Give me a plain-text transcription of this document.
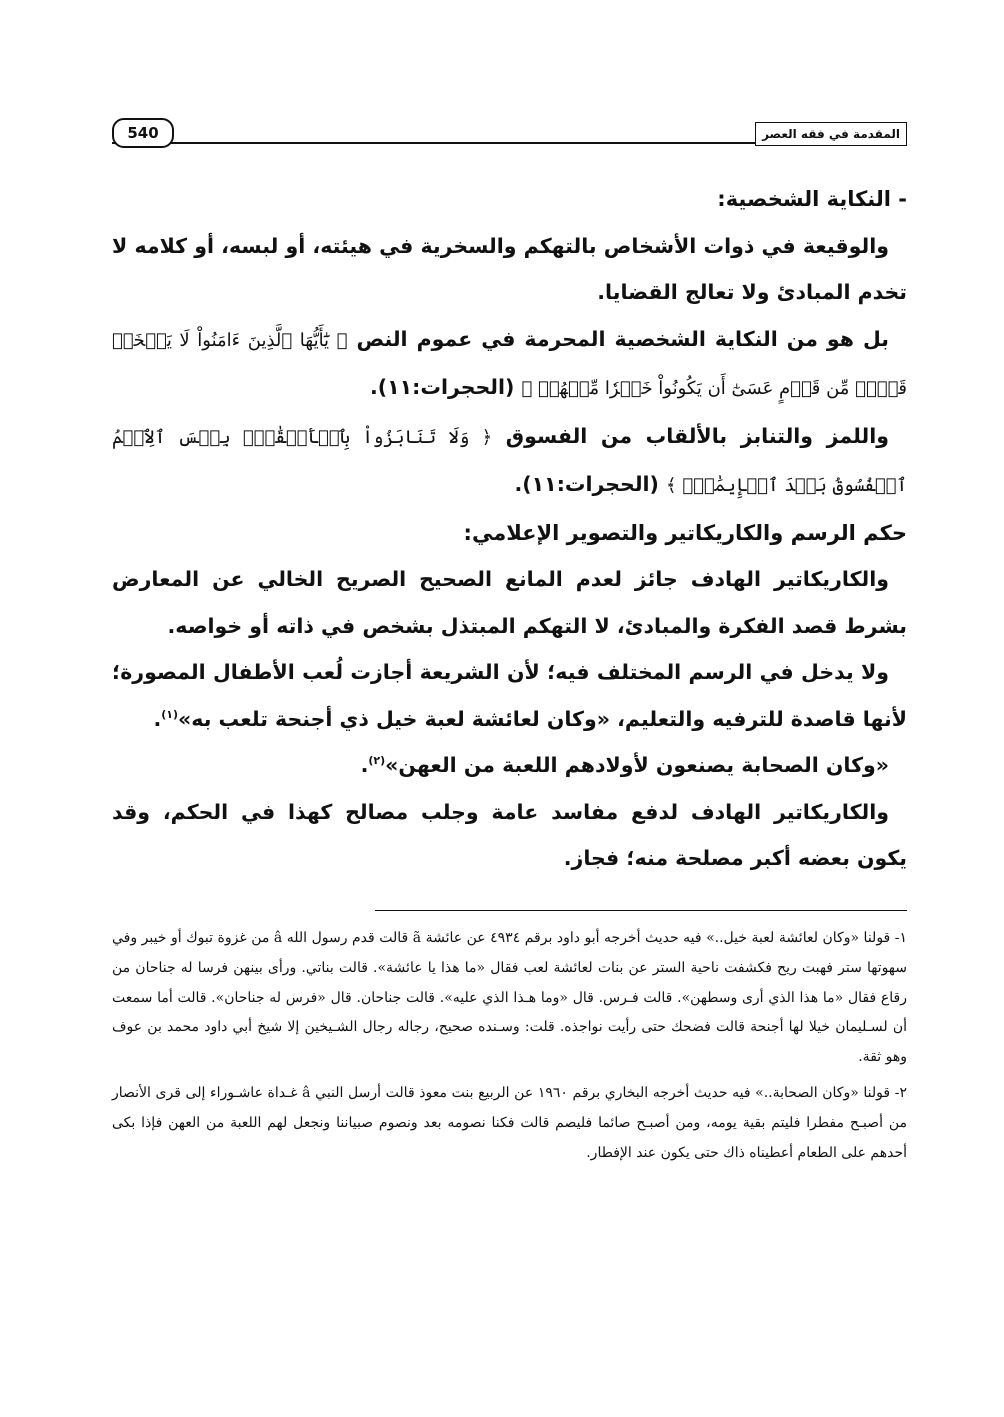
540	المقدمة في فقه العصر

- النكاية الشخصية:

والوقيعة في ذوات الأشخاص بالتهكم والسخرية في هيئته، أو لبسه، أو كلامه لا تخدم المبادئ ولا تعالج القضايا.

بل هو من النكاية الشخصية المحرمة في عموم النص ﴿ يَٰٓأَيُّهَا ٱلَّذِينَ ءَامَنُواْ لَا يَسۡخَرۡ قَوۡمٞ مِّن قَوۡمٍ عَسَىٰٓ أَن يَكُونُواْ خَيۡرٗا مِّنۡهُمۡ ﴾ (الحجرات:١١).

واللمز والتنابز بالألقاب من الفسوق ﴿ وَلَا تَنَابَزُواْ بِٱلۡأَلۡقَٰبِۖ بِئۡسَ ٱلِٱسۡمُ ٱلۡفُسُوقُ بَعۡدَ ٱلۡإِيمَٰنِۚ ﴾ (الحجرات:١١).

حكم الرسم والكاريكاتير والتصوير الإعلامي:

والكاريكاتير الهادف جائز لعدم المانع الصحيح الصريح الخالي عن المعارض بشرط قصد الفكرة والمبادئ، لا التهكم المبتذل بشخص في ذاته أو خواصه.

ولا يدخل في الرسم المختلف فيه؛ لأن الشريعة أجازت لُعب الأطفال المصورة؛ لأنها قاصدة للترفيه والتعليم، «وكان لعائشة لعبة خيل ذي أجنحة تلعب به»$^{(١)}$.

«وكان الصحابة يصنعون لأولادهم اللعبة من العهن»$^{(٢)}$.

والكاريكاتير الهادف لدفع مفاسد عامة وجلب مصالح كهذا في الحكم، وقد يكون بعضه أكبر مصلحة منه؛ فجاز.

١- قولنا «وكان لعائشة لعبة خيل..» فيه حديث أخرجه أبو داود برقم ٤٩٣٤ عن عائشة ã قالت قدم رسول الله â من غزوة تبوك أو خيبر وفي سهوتها ستر فهبت ريح فكشفت ناحية الستر عن بنات لعائشة لعب فقال «ما هذا يا عائشة». قالت بناتي. ورأى بينهن فرسا له جناحان من رقاع فقال «ما هذا الذي أرى وسطهن». قالت فـرس. قال «وما هـذا الذي عليه». قالت جناحان. قال «فرس له جناحان». قالت أما سمعت أن لسـليمان خيلا لها أجنحة قالت فضحك حتى رأيت نواجذه. قلت: وسـنده صحيح، رجاله رجال الشـيخين إلا شيخ أبي داود محمد بن عوف وهو ثقة.

٢- قولنا «وكان الصحابة..» فيه حديث أخرجه البخاري برقم ١٩٦٠ عن الربيع بنت معوذ قالت أرسل النبي â غـداة عاشـوراء إلى قرى الأنصار من أصبـح مفطرا فليتم بقية يومه، ومن أصبـح صائما فليصم قالت فكنا نصومه بعد ونصوم صبياننا ونجعل لهم اللعبة من العهن فإذا بكى أحدهم على الطعام أعطيناه ذاك حتى يكون عند الإفطار.
